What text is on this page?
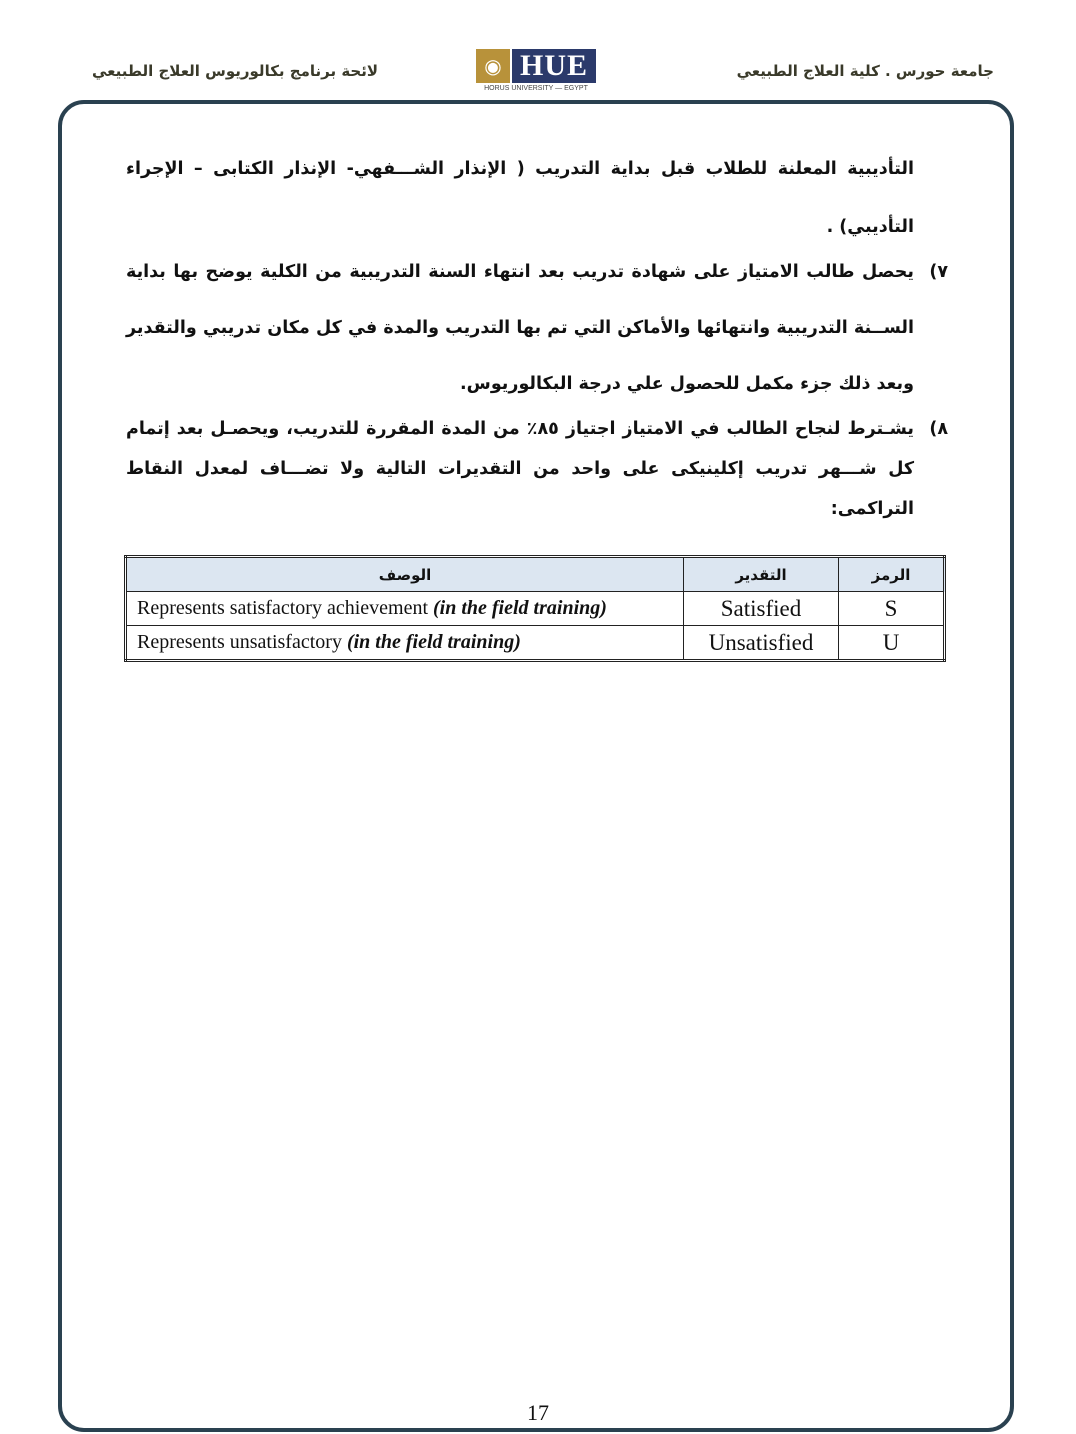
جامعة حورس . كلية العلاج الطبيعي
◉ HUE
HORUS UNIVERSITY — EGYPT
لائحة برنامج بكالوريوس العلاج الطبيعي
التأديبية المعلنة للطلاب قبل بداية التدريب ( الإنذار الشـــفهي- الإنذار الكتابى – الإجراء التأديبي) .
٧)
يحصل طالب الامتياز على شهادة تدريب بعد انتهاء السنة التدريبية من الكلية يوضح بها بداية الســنة التدريبية وانتهائها والأماكن التي تم بها التدريب والمدة في كل مكان تدريبي والتقدير وبعد ذلك جزء مكمل للحصول علي درجة البكالوريوس.
٨)
يشـترط لنجاح الطالب في الامتياز اجتياز ٨٥٪ من المدة المقررة للتدريب، ويحصـل بعد إتمام كل شـــهر تدريب إكلينيكى على واحد من التقديرات التالية ولا تضـــاف لمعدل النقاط التراكمى:
الوصف	التقدير	الرمز
Represents satisfactory achievement (in the field training)	Satisfied	S
Represents unsatisfactory (in the field training)	Unsatisfied	U
17
